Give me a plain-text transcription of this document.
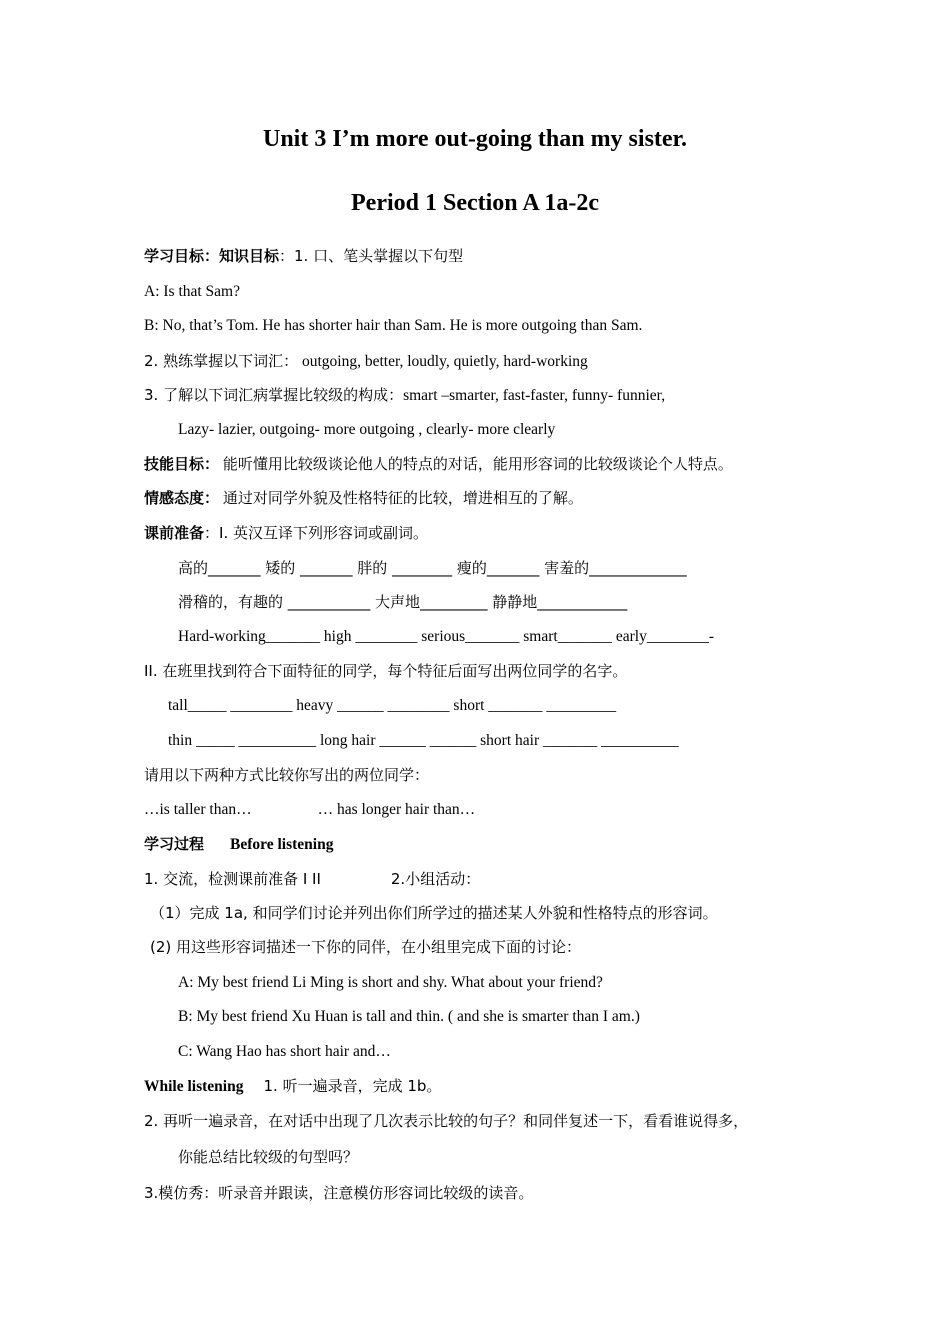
Unit 3 I’m more out-going than my sister.
Period 1 Section A 1a-2c
学习目标：知识目标：1. 口、笔头掌握以下句型
A: Is that Sam?
B: No, that’s Tom. He has shorter hair than Sam. He is more outgoing than Sam.
2. 熟练掌握以下词汇： outgoing, better, loudly, quietly, hard-working
3. 了解以下词汇病掌握比较级的构成：smart –smarter, fast-faster, funny- funnier,
Lazy- lazier, outgoing- more outgoing , clearly- more clearly
技能目标： 能听懂用比较级谈论他人的特点的对话，能用形容词的比较级谈论个人特点。
情感态度： 通过对同学外貌及性格特征的比较，增进相互的了解。
课前准备：I. 英汉互译下列形容词或副词。
高的_______ 矮的 _______ 胖的 ________ 瘦的_______ 害羞的_____________
滑稽的，有趣的 ___________ 大声地_________ 静静地____________
Hard-working_______ high ________ serious_______ smart_______ early________-
II. 在班里找到符合下面特征的同学，每个特征后面写出两位同学的名字。
tall_____ ________ heavy ______ ________ short _______ _________
thin _____ __________ long hair ______ ______ short hair _______ __________
请用以下两种方式比较你写出的两位同学：
…is taller than…	… has longer hair than…
学习过程 Before listening
1. 交流，检测课前准备 I II	2.小组活动：
（1）完成 1a, 和同学们讨论并列出你们所学过的描述某人外貌和性格特点的形容词。
(2) 用这些形容词描述一下你的同伴，在小组里完成下面的讨论：
A: My best friend Li Ming is short and shy. What about your friend?
B: My best friend Xu Huan is tall and thin. ( and she is smarter than I am.)
C: Wang Hao has short hair and…
While listening 1. 听一遍录音，完成 1b。
2. 再听一遍录音，在对话中出现了几次表示比较的句子？和同伴复述一下，看看谁说得多，
你能总结比较级的句型吗？
3.模仿秀：听录音并跟读，注意模仿形容词比较级的读音。
